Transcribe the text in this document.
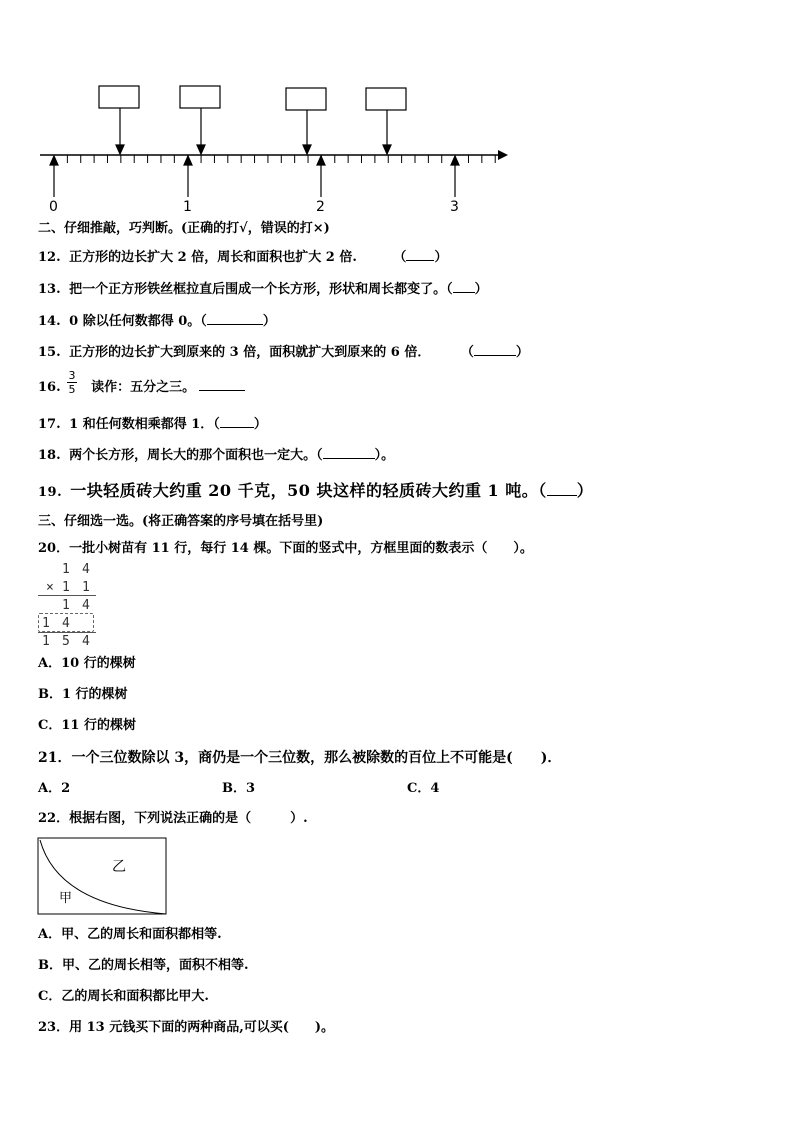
0	1	2	3
二、仔细推敲，巧判断。(正确的打√，错误的打×)
12. 正方形的边长扩大 2 倍，周长和面积也扩大 2 倍.	（ ）
13. 把一个正方形铁丝框拉直后围成一个长方形，形状和周长都变了。（ ）
14. 0 除以任何数都得 0。（	）
15. 正方形的边长扩大到原来的 3 倍，面积就扩大到原来的 6 倍． （	）
16. 读作：五分之三。
3
5
17. 1 和任何数相乘都得 1．（	）
18. 两个长方形，周长大的那个面积也一定大。（	）。
19. 一块轻质砖大约重 20 千克，50 块这样的轻质砖大约重 1 吨。（ ）
三、仔细选一选。(将正确答案的序号填在括号里)
20．一批小树苗有 11 行，每行 14 棵。下面的竖式中，方框里面的数表示（　　）。
1 4
× 1 1
1 4
1 4
1 5 4
A．10 行的棵树
B．1 行的棵树
C．11 行的棵树
21．一个三位数除以 3，商仍是一个三位数，那么被除数的百位上不可能是(　　)．
A．2	B．3	C．4
22．根据右图，下列说法正确的是（　　　）.
乙
甲
A．甲、乙的周长和面积都相等.
B．甲、乙的周长相等，面积不相等.
C．乙的周长和面积都比甲大.
23．用 13 元钱买下面的两种商品,可以买(　　)。
